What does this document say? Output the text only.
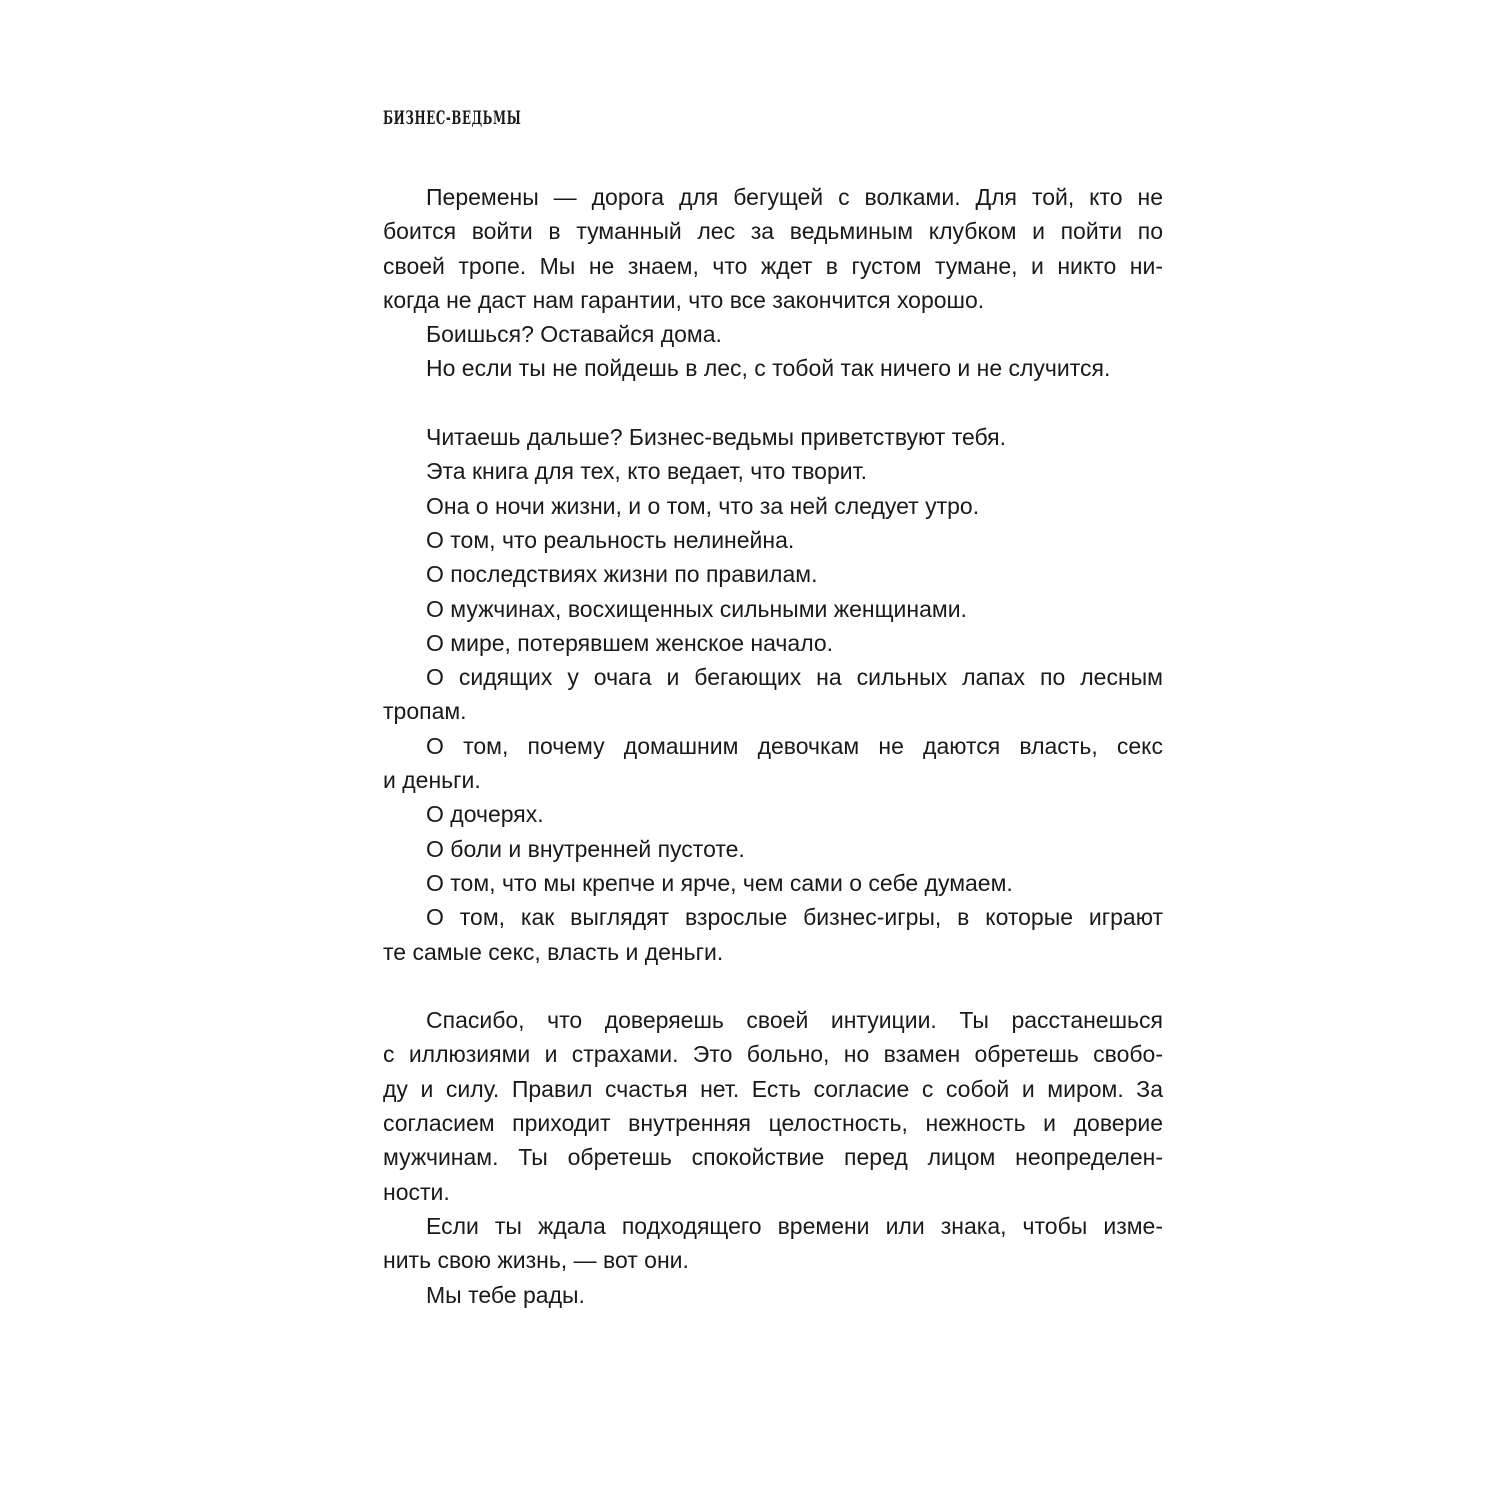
БИЗНЕС-ВЕДЬМЫ
Перемены — дорога для бегущей с волками. Для той, кто не
боится войти в туманный лес за ведьминым клубком и пойти по
своей тропе. Мы не знаем, что ждет в густом тумане, и никто ни-
когда не даст нам гарантии, что все закончится хорошо.
Боишься? Оставайся дома.
Но если ты не пойдешь в лес, с тобой так ничего и не случится.
Читаешь дальше? Бизнес-ведьмы приветствуют тебя.
Эта книга для тех, кто ведает, что творит.
Она о ночи жизни, и о том, что за ней следует утро.
О том, что реальность нелинейна.
О последствиях жизни по правилам.
О мужчинах, восхищенных сильными женщинами.
О мире, потерявшем женское начало.
О сидящих у очага и бегающих на сильных лапах по лесным
тропам.
О том, почему домашним девочкам не даются власть, секс
и деньги.
О дочерях.
О боли и внутренней пустоте.
О том, что мы крепче и ярче, чем сами о себе думаем.
О том, как выглядят взрослые бизнес-игры, в которые играют
те самые секс, власть и деньги.
Спасибо, что доверяешь своей интуиции. Ты расстанешься
с иллюзиями и страхами. Это больно, но взамен обретешь свобо-
ду и силу. Правил счастья нет. Есть согласие с собой и миром. За
согласием приходит внутренняя целостность, нежность и доверие
мужчинам. Ты обретешь спокойствие перед лицом неопределен-
ности.
Если ты ждала подходящего времени или знака, чтобы изме-
нить свою жизнь, — вот они.
Мы тебе рады.
